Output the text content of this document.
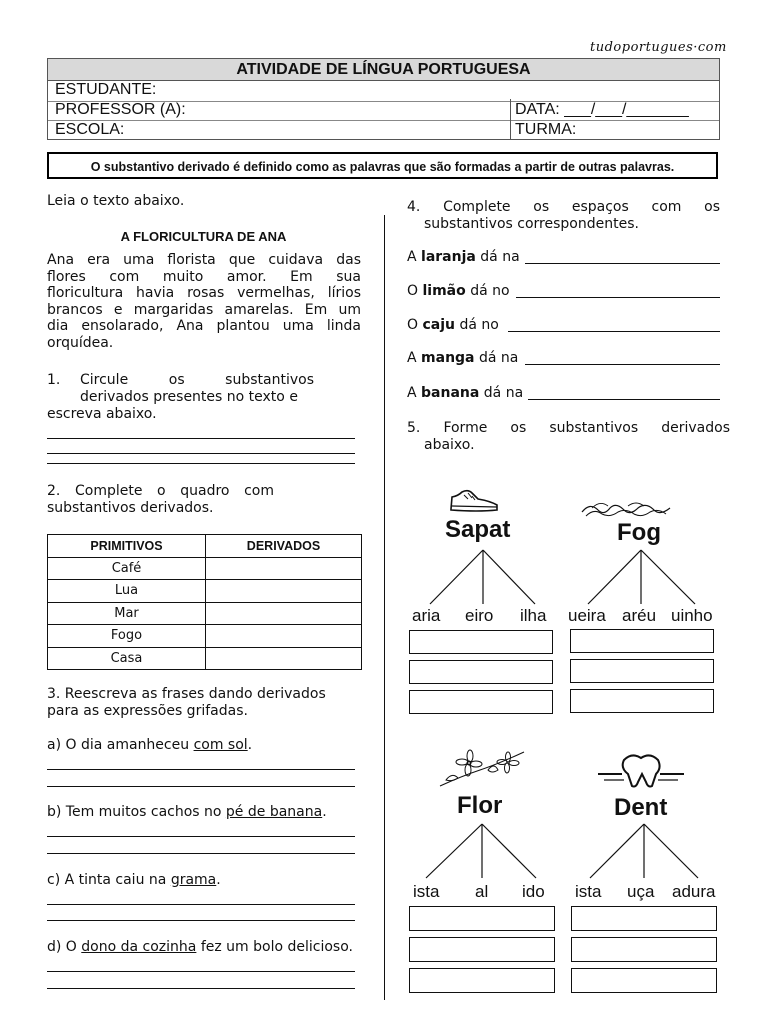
tudoportugues·com
ATIVIDADE DE LÍNGUA PORTUGUESA
ESTUDANTE:
PROFESSOR (A):	DATA: ___/___/_______
ESCOLA:	TURMA:
O substantivo derivado é definido como as palavras que são formadas a partir de outras palavras.
Leia o texto abaixo.
A FLORICULTURA DE ANA
Ana era uma florista que cuidava das
flores com muito amor. Em sua
floricultura havia rosas vermelhas, lírios
brancos e margaridas amarelas. Em um
dia ensolarado, Ana plantou uma linda
orquídea.
1.	Circule os substantivos
derivados presentes no texto e
escreva abaixo.
2. Complete o quadro com
substantivos derivados.
PRIMITIVOS	DERIVADOS
Café	
Lua	
Mar	
Fogo	
Casa	
3. Reescreva as frases dando derivados
para as expressões grifadas.
a) O dia amanheceu com sol.
b) Tem muitos cachos no pé de banana.
c) A tinta caiu na grama.
d) O dono da cozinha fez um bolo delicioso.
4. Complete os espaços com os
substantivos correspondentes.
A laranja dá na
O limão dá no
O caju dá no
A manga dá na
A banana dá na
5. Forme os substantivos derivados
abaixo.
Sapat
aria eiro ilha
Fog
ueira aréu uinho
Flor
ista al ido
Dent
ista uça adura
